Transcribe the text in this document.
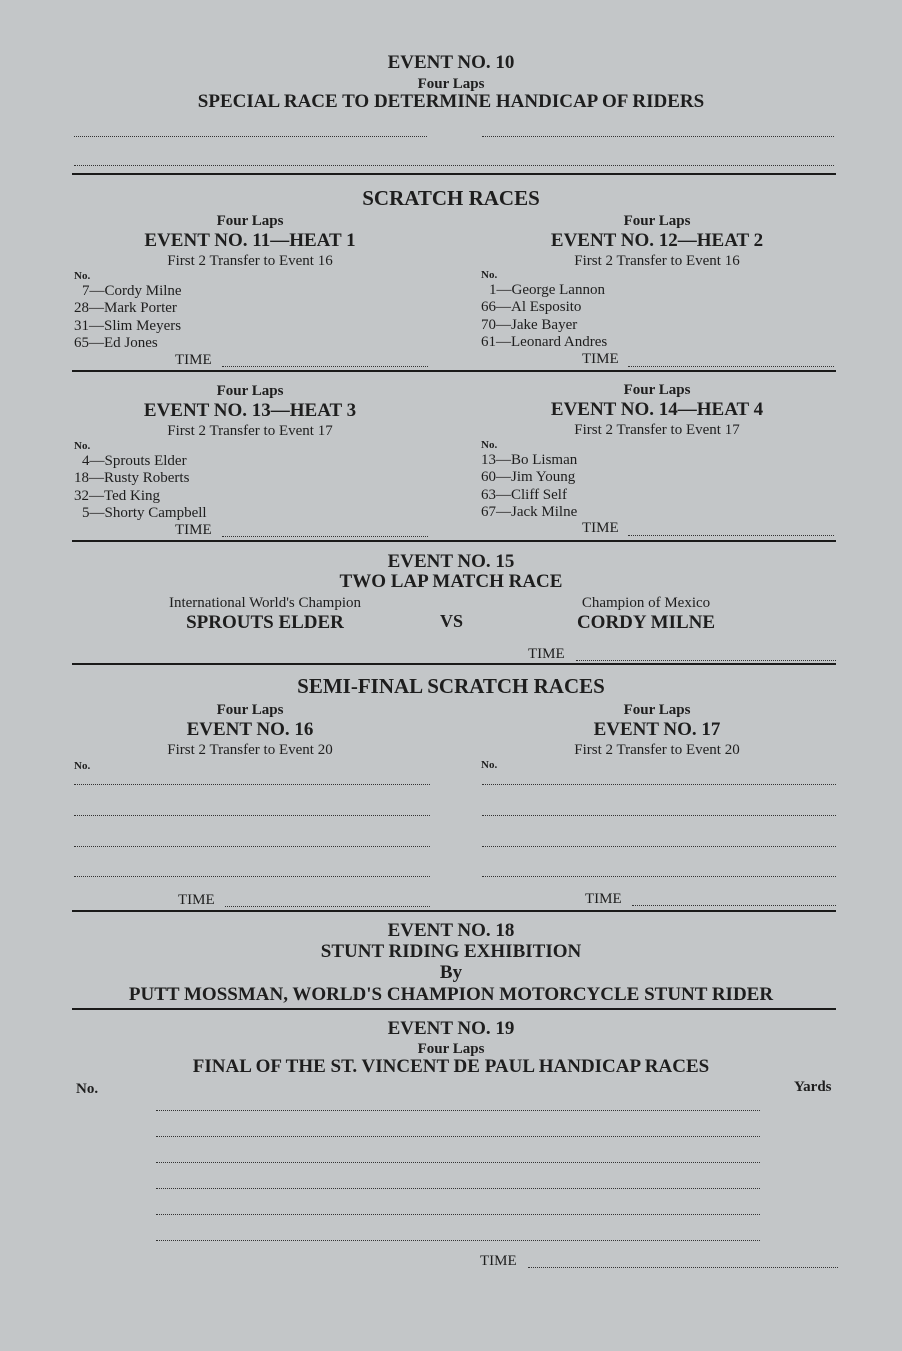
EVENT NO. 10
Four Laps
SPECIAL RACE TO DETERMINE HANDICAP OF RIDERS
SCRATCH RACES
Four Laps
EVENT NO. 11—HEAT 1
First 2 Transfer to Event 16
No.
7—Cordy Milne
28—Mark Porter
31—Slim Meyers
65—Ed Jones
TIME
Four Laps
EVENT NO. 12—HEAT 2
First 2 Transfer to Event 16
No.
1—George Lannon
66—Al Esposito
70—Jake Bayer
61—Leonard Andres
TIME
Four Laps
EVENT NO. 13—HEAT 3
First 2 Transfer to Event 17
No.
4—Sprouts Elder
18—Rusty Roberts
32—Ted King
5—Shorty Campbell
TIME
Four Laps
EVENT NO. 14—HEAT 4
First 2 Transfer to Event 17
No.
13—Bo Lisman
60—Jim Young
63—Cliff Self
67—Jack Milne
TIME
EVENT NO. 15
TWO LAP MATCH RACE
International World's Champion
SPROUTS ELDER	VS
Champion of Mexico
CORDY MILNE
TIME
SEMI-FINAL SCRATCH RACES
Four Laps
EVENT NO. 16
First 2 Transfer to Event 20
No.
TIME
Four Laps
EVENT NO. 17
First 2 Transfer to Event 20
No.
TIME
EVENT NO. 18
STUNT RIDING EXHIBITION
By
PUTT MOSSMAN, WORLD'S CHAMPION MOTORCYCLE STUNT RIDER
EVENT NO. 19
Four Laps
FINAL OF THE ST. VINCENT DE PAUL HANDICAP RACES
No.	Yards
TIME
